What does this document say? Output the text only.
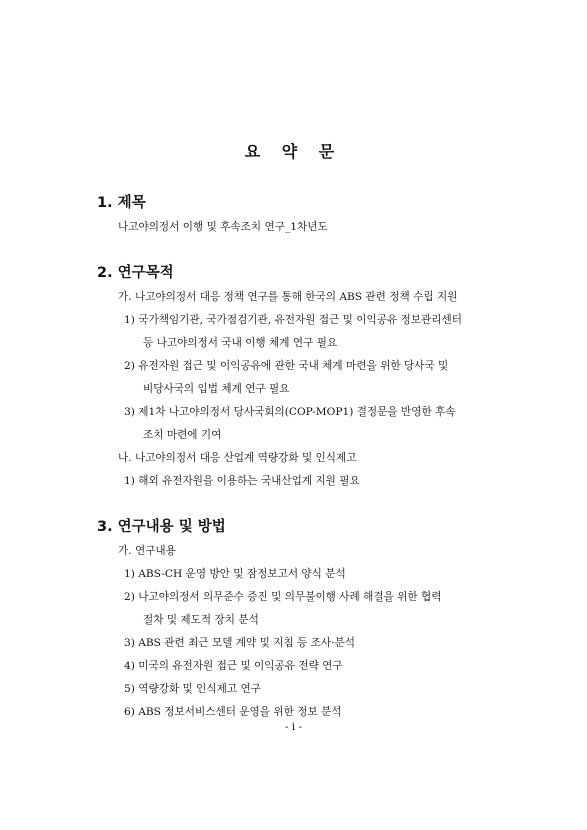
요 약 문
1. 제목
나고야의정서 이행 및 후속조치 연구_1차년도
2. 연구목적
가. 나고야의정서 대응 정책 연구를 통해 한국의 ABS 관련 정책 수립 지원
1) 국가책임기관, 국가점검기관, 유전자원 접근 및 이익공유 정보관리센터
등 나고야의정서 국내 이행 체계 연구 필요
2) 유전자원 접근 및 이익공유에 관한 국내 체계 마련을 위한 당사국 및
비당사국의 입법 체계 연구 필요
3) 제1차 나고야의정서 당사국회의(COP-MOP1) 결정문을 반영한 후속
조치 마련에 기여
나. 나고야의정서 대응 산업계 역량강화 및 인식제고
1) 해외 유전자원을 이용하는 국내산업계 지원 필요
3. 연구내용 및 방법
가. 연구내용
1) ABS-CH 운영 방안 및 잠정보고서 양식 분석
2) 나고야의정서 의무준수 증진 및 의무불이행 사례 해결을 위한 협력
절차 및 제도적 장치 분석
3) ABS 관련 최근 모델 계약 및 지침 등 조사·분석
4) 미국의 유전자원 접근 및 이익공유 전략 연구
5) 역량강화 및 인식제고 연구
6) ABS 정보서비스센터 운영을 위한 정보 분석
- i -
